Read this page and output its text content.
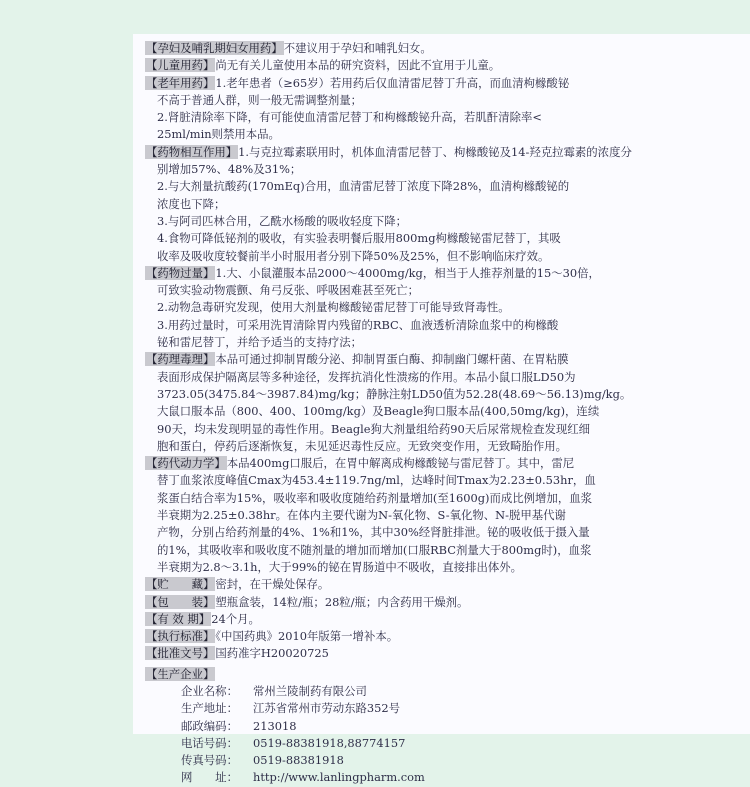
【孕妇及哺乳期妇女用药】不建议用于孕妇和哺乳妇女。
【儿童用药】尚无有关儿童使用本品的研究资料，因此不宜用于儿童。
【老年用药】1.老年患者（≥65岁）若用药后仅血清雷尼替丁升高，而血清枸橼酸铋
不高于普通人群，则一般无需调整剂量；
2.肾脏清除率下降，有可能使血清雷尼替丁和枸橼酸铋升高，若肌酐清除率<
25ml/min则禁用本品。
【药物相互作用】1.与克拉霉素联用时，机体血清雷尼替丁、枸橼酸铋及14-羟克拉霉素的浓度分
别增加57%、48%及31%；
2.与大剂量抗酸药(170mEq)合用，血清雷尼替丁浓度下降28%，血清枸橼酸铋的
浓度也下降；
3.与阿司匹林合用，乙酰水杨酸的吸收轻度下降；
4.食物可降低铋剂的吸收，有实验表明餐后服用800mg枸橼酸铋雷尼替丁，其吸
收率及吸收度较餐前半小时服用者分别下降50%及25%，但不影响临床疗效。
【药物过量】1.大、小鼠灌服本品2000～4000mg/kg，相当于人推荐剂量的15～30倍，
可致实验动物震颤、角弓反张、呼吸困难甚至死亡；
2.动物急毒研究发现，使用大剂量枸橼酸铋雷尼替丁可能导致肾毒性。
3.用药过量时，可采用洗胃清除胃内残留的RBC、血液透析清除血浆中的枸橼酸
铋和雷尼替丁，并给予适当的支持疗法；
【药理毒理】本品可通过抑制胃酸分泌、抑制胃蛋白酶、抑制幽门螺杆菌、在胃粘膜
表面形成保护隔离层等多种途径，发挥抗消化性溃疡的作用。本品小鼠口服LD50为
3723.05(3475.84～3987.84)mg/kg；静脉注射LD50值为52.28(48.69～56.13)mg/kg。
大鼠口服本品（800、400、100mg/kg）及Beagle狗口服本品(400,50mg/kg)，连续
90天，均未发现明显的毒性作用。Beagle狗大剂量组给药90天后尿常规检查发现红细
胞和蛋白，停药后逐渐恢复，未见延迟毒性反应。无致突变作用，无致畸胎作用。
【药代动力学】本品400mg口服后，在胃中解离成枸橼酸铋与雷尼替丁。其中，雷尼
替丁血浆浓度峰值Cmax为453.4±119.7ng/ml，达峰时间Tmax为2.23±0.53hr，血
浆蛋白结合率为15%，吸收率和吸收度随给药剂量增加(至1600g)而成比例增加，血浆
半衰期为2.25±0.38hr。在体内主要代谢为N-氧化物、S-氧化物、N-脱甲基代谢
产物，分别占给药剂量的4%、1%和1%，其中30%经肾脏排泄。铋的吸收低于摄入量
的1%，其吸收率和吸收度不随剂量的增加而增加(口服RBC剂量大于800mg时)，血浆
半衰期为2.8～3.1h，大于99%的铋在胃肠道中不吸收，直接排出体外。
【贮　　藏】密封，在干燥处保存。
【包　　装】塑瓶盒装，14粒/瓶；28粒/瓶；内含药用干燥剂。
【有 效 期】24个月。
【执行标准】《中国药典》2010年版第一增补本。
【批准文号】国药准字H20020725
【生产企业】
企业名称： 常州兰陵制药有限公司
生产地址： 江苏省常州市劳动东路352号
邮政编码： 213018
电话号码： 0519-88381918,88774157
传真号码： 0519-88381918
网　　址： http://www.lanlingpharm.com
